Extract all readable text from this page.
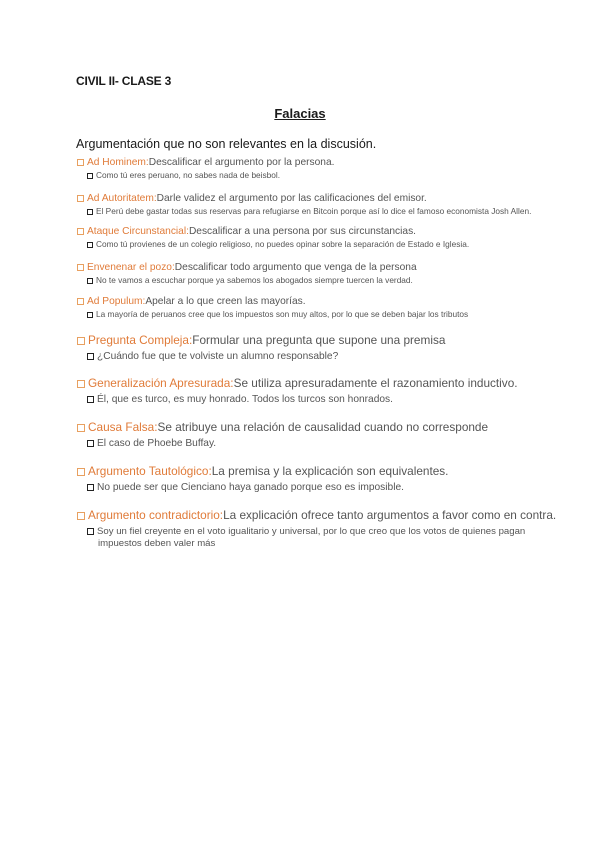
CIVIL II- CLASE 3
Falacias
Argumentación que no son relevantes en la discusión.
Ad Hominem: Descalificar el argumento por la persona.
Como tú eres peruano, no sabes nada de beisbol.
Ad Autoritatem: Darle validez el argumento por las calificaciones del emisor.
El Perú debe gastar todas sus reservas para refugiarse en Bitcoin porque así lo dice el famoso economista Josh Allen.
Ataque Circunstancial: Descalificar a una persona por sus circunstancias.
Como tú provienes de un colegio religioso, no puedes opinar sobre la separación de Estado e Iglesia.
Envenenar el pozo: Descalificar todo argumento que venga de la persona
No te vamos a escuchar porque ya sabemos los abogados siempre tuercen la verdad.
Ad Populum: Apelar a lo que creen las mayorías.
La mayoría de peruanos cree que los impuestos son muy altos, por lo que se deben bajar los tributos
Pregunta Compleja: Formular una pregunta que supone una premisa
¿Cuándo fue que te volviste un alumno responsable?
Generalización Apresurada: Se utiliza apresuradamente el razonamiento inductivo.
Él, que es turco, es muy honrado. Todos los turcos son honrados.
Causa Falsa: Se atribuye una relación de causalidad cuando no corresponde
El caso de Phoebe Buffay.
Argumento Tautológico: La premisa y la explicación son equivalentes.
No puede ser que Cienciano haya ganado porque eso es imposible.
Argumento contradictorio: La explicación ofrece tanto argumentos a favor como en contra.
Soy un fiel creyente en el voto igualitario y universal, por lo que creo que los votos de quienes pagan
impuestos deben valer más
